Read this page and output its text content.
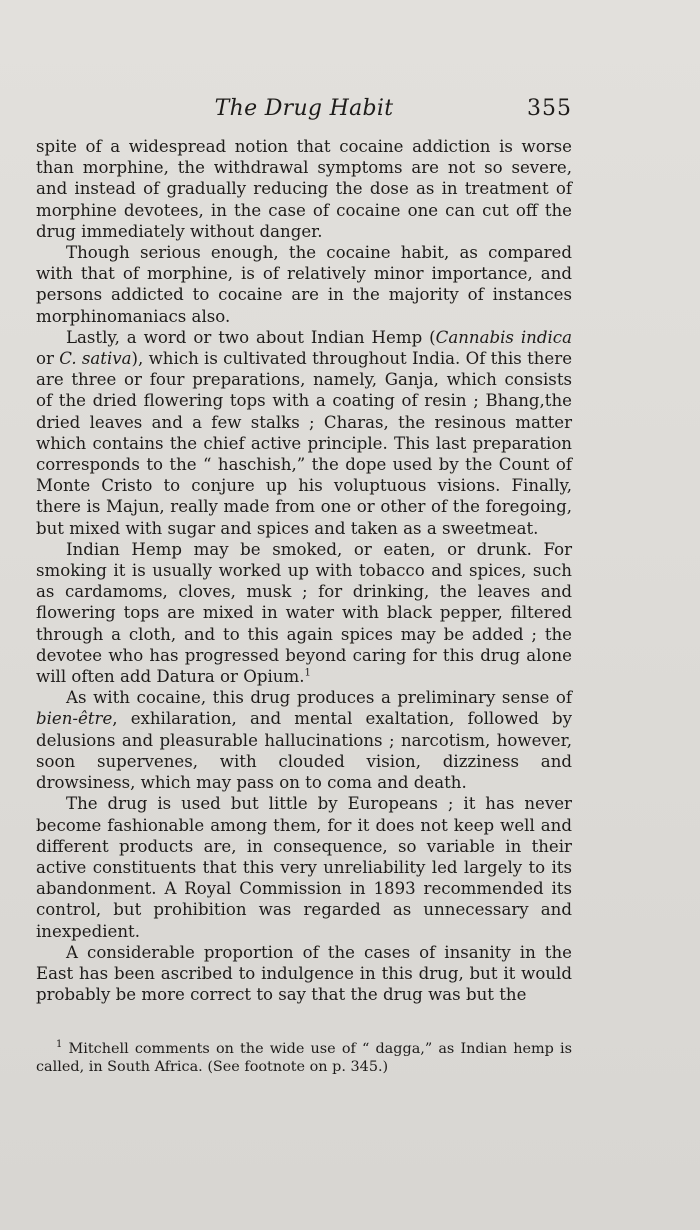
The Drug Habit	355

spite of a widespread notion that cocaine addiction is worse than morphine, the withdrawal symptoms are not so severe, and instead of gradually reducing the dose as in treatment of morphine devotees, in the case of cocaine one can cut off the drug immediately without danger.

Though serious enough, the cocaine habit, as compared with that of morphine, is of relatively minor importance, and persons addicted to cocaine are in the majority of instances morphinomaniacs also.

Lastly, a word or two about Indian Hemp (Cannabis indica or C. sativa), which is cultivated throughout India. Of this there are three or four preparations, namely, Ganja, which consists of the dried flowering tops with a coating of resin ; Bhang,the dried leaves and a few stalks ; Charas, the resinous matter which contains the chief active principle. This last preparation corresponds to the “ haschish,” the dope used by the Count of Monte Cristo to conjure up his voluptuous visions. Finally, there is Majun, really made from one or other of the foregoing, but mixed with sugar and spices and taken as a sweetmeat.

Indian Hemp may be smoked, or eaten, or drunk. For smoking it is usually worked up with tobacco and spices, such as cardamoms, cloves, musk ; for drinking, the leaves and flowering tops are mixed in water with black pepper, filtered through a cloth, and to this again spices may be added ; the devotee who has progressed beyond caring for this drug alone will often add Datura or Opium.$^1$

As with cocaine, this drug produces a preliminary sense of bien-être, exhilaration, and mental exaltation, followed by delusions and pleasurable hallucinations ; narcotism, however, soon supervenes, with clouded vision, dizziness and drowsiness, which may pass on to coma and death.

The drug is used but little by Europeans ; it has never become fashionable among them, for it does not keep well and different products are, in consequence, so variable in their active constituents that this very unreliability led largely to its abandonment. A Royal Commission in 1893 recommended its control, but prohibition was regarded as unnecessary and inexpedient.

A considerable proportion of the cases of insanity in the East has been ascribed to indulgence in this drug, but it would probably be more correct to say that the drug was but the

$^1$ Mitchell comments on the wide use of “ dagga,” as Indian hemp is called, in South Africa. (See footnote on p. 345.)
